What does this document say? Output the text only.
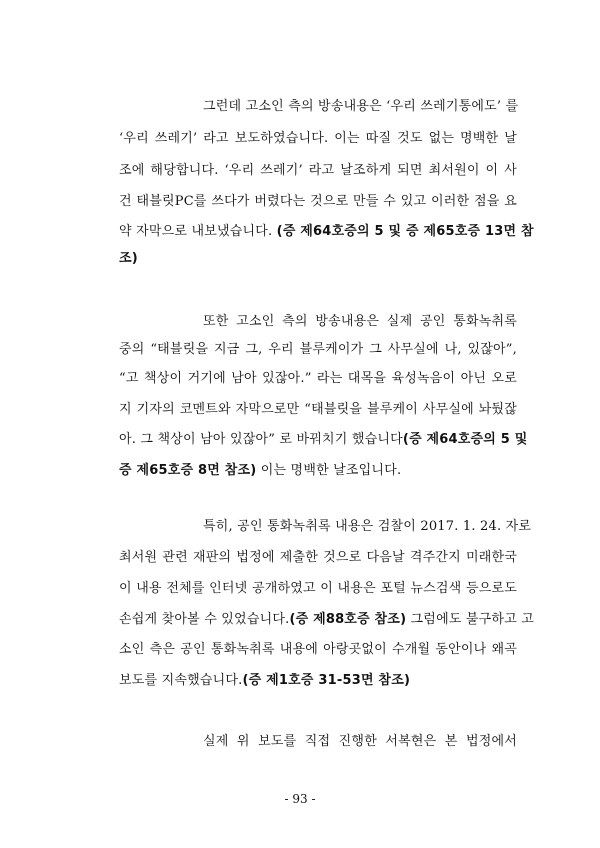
그런데 고소인 측의 방송내용은 ‘우리 쓰레기통에도’ 를
‘우리 쓰레기’ 라고 보도하였습니다. 이는 따질 것도 없는 명백한 날
조에 해당합니다. ‘우리 쓰레기’ 라고 날조하게 되면 최서원이 이 사
건 태블릿PC를 쓰다가 버렸다는 것으로 만들 수 있고 이러한 점을 요
약 자막으로 내보냈습니다. (증 제64호증의 5 및 증 제65호증 13면 참
조)
또한 고소인 측의 방송내용은 실제 공인 통화녹취록
중의 “태블릿을 지금 그, 우리 블루케이가 그 사무실에 나, 있잖아”,
“고 책상이 거기에 남아 있잖아.” 라는 대목을 육성녹음이 아닌 오로
지 기자의 코멘트와 자막으로만 “태블릿을 블루케이 사무실에 놔뒀잖
아. 그 책상이 남아 있잖아” 로 바꿔치기 했습니다(증 제64호증의 5 및
증 제65호증 8면 참조) 이는 명백한 날조입니다.
특히, 공인 통화녹취록 내용은 검찰이 2017. 1. 24. 자로
최서원 관련 재판의 법정에 제출한 것으로 다음날 격주간지 미래한국
이 내용 전체를 인터넷 공개하였고 이 내용은 포털 뉴스검색 등으로도
손쉽게 찾아볼 수 있었습니다.(증 제88호증 참조) 그럼에도 불구하고 고
소인 측은 공인 통화녹취록 내용에 아랑곳없이 수개월 동안이나 왜곡
보도를 지속했습니다.(증 제1호증 31-53면 참조)
실제 위 보도를 직접 진행한 서복현은 본 법정에서
- 93 -
